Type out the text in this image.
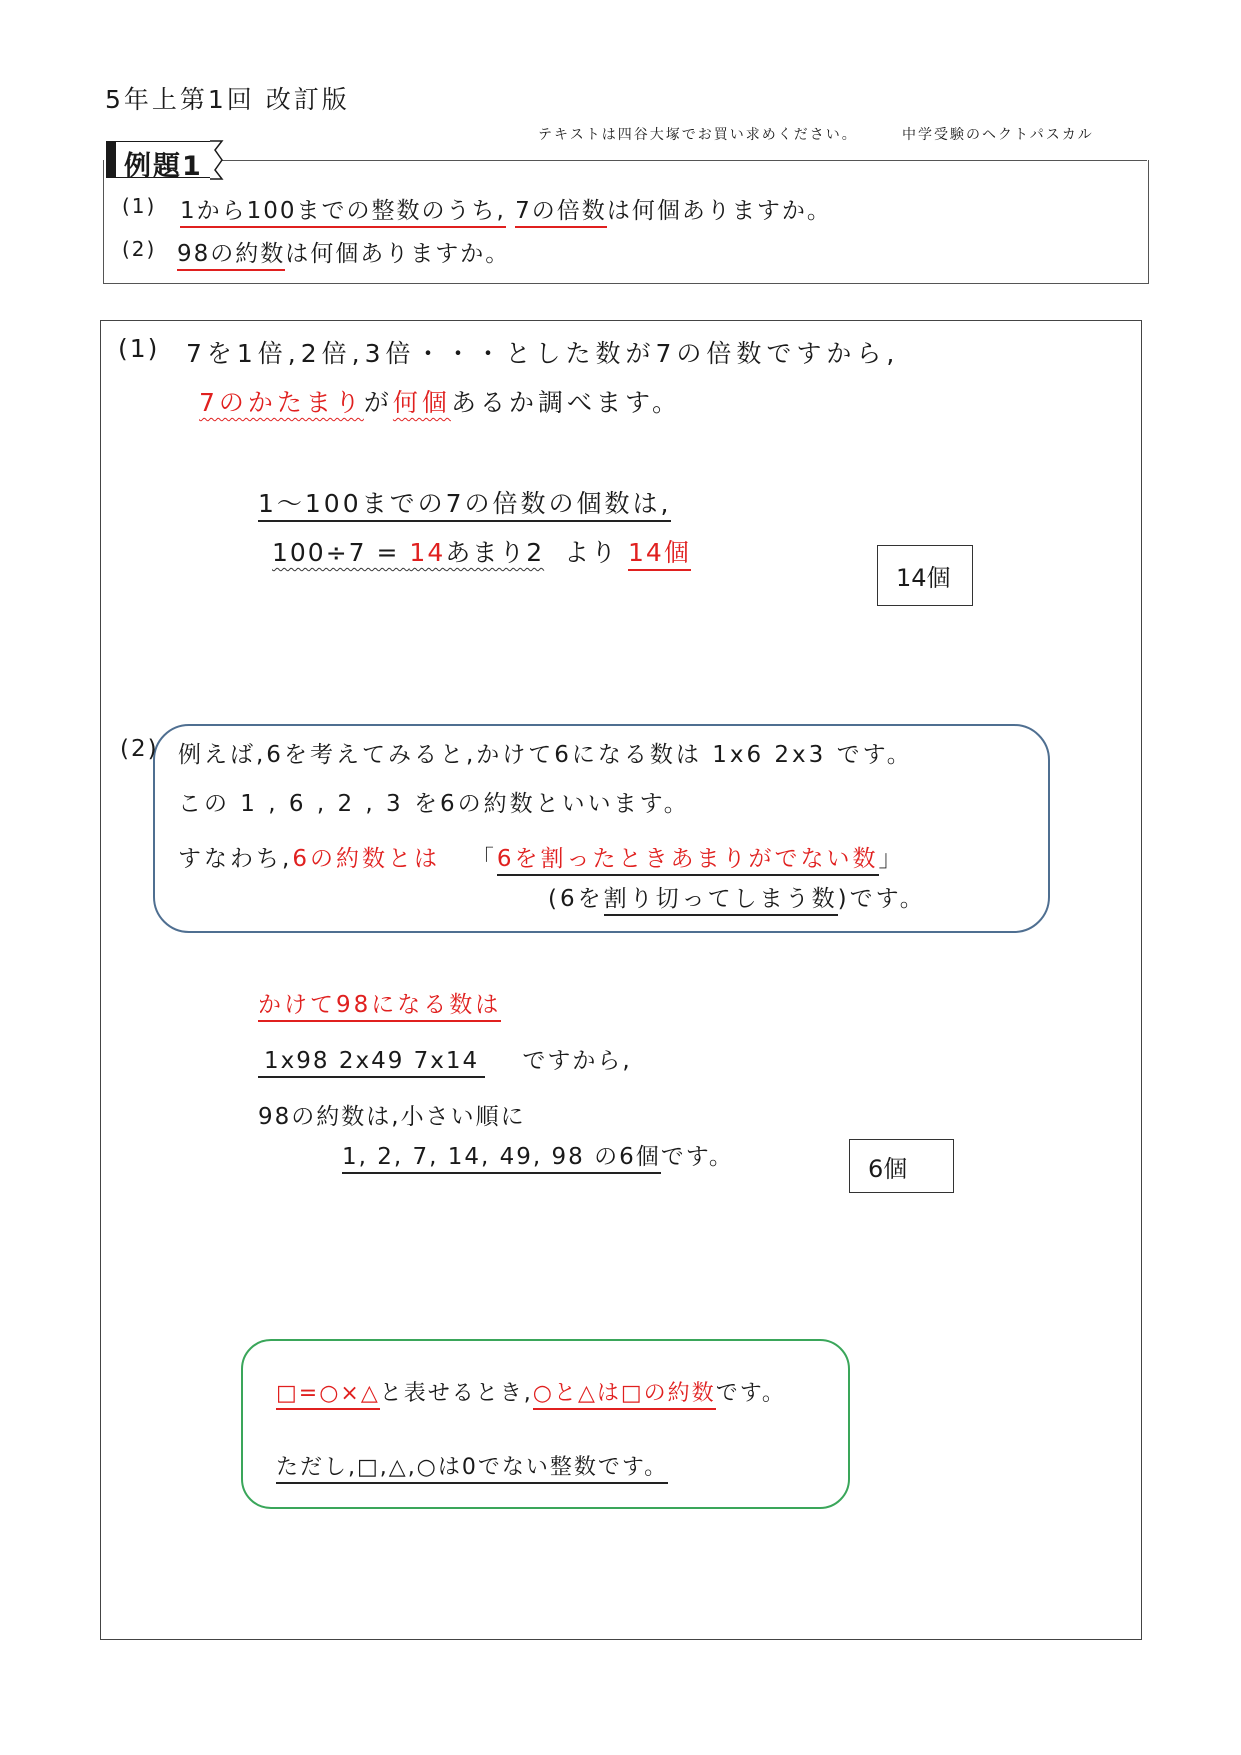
5年上第1回 改訂版
テキストは四谷大塚でお買い求めください。	中学受験のヘクトパスカル
例題1
(1) 1から100までの整数のうち, 7の倍数は何個ありますか。
(2) 98の約数は何個ありますか。
(1) 7を1倍,2倍,3倍・・・とした数が7の倍数ですから,
7のかたまりが何個あるか調べます。
1〜100までの7の倍数の個数は,
100÷7 = 14あまり2 より 14個
14個
(2) 例えば,6を考えてみると,かけて6になる数は 1x6 2x3 です。
この 1 , 6 , 2 , 3 を6の約数といいます。
すなわち,6の約数とは 「6を割ったときあまりがでない数」
(6を割り切ってしまう数)です。
かけて98になる数は
1x98 2x49 7x14 ですから,
98の約数は,小さい順に
1, 2, 7, 14, 49, 98 の6個です。	6個
□=○×△と表せるとき,○と△は□の約数です。
ただし,□,△,○は0でない整数です。
